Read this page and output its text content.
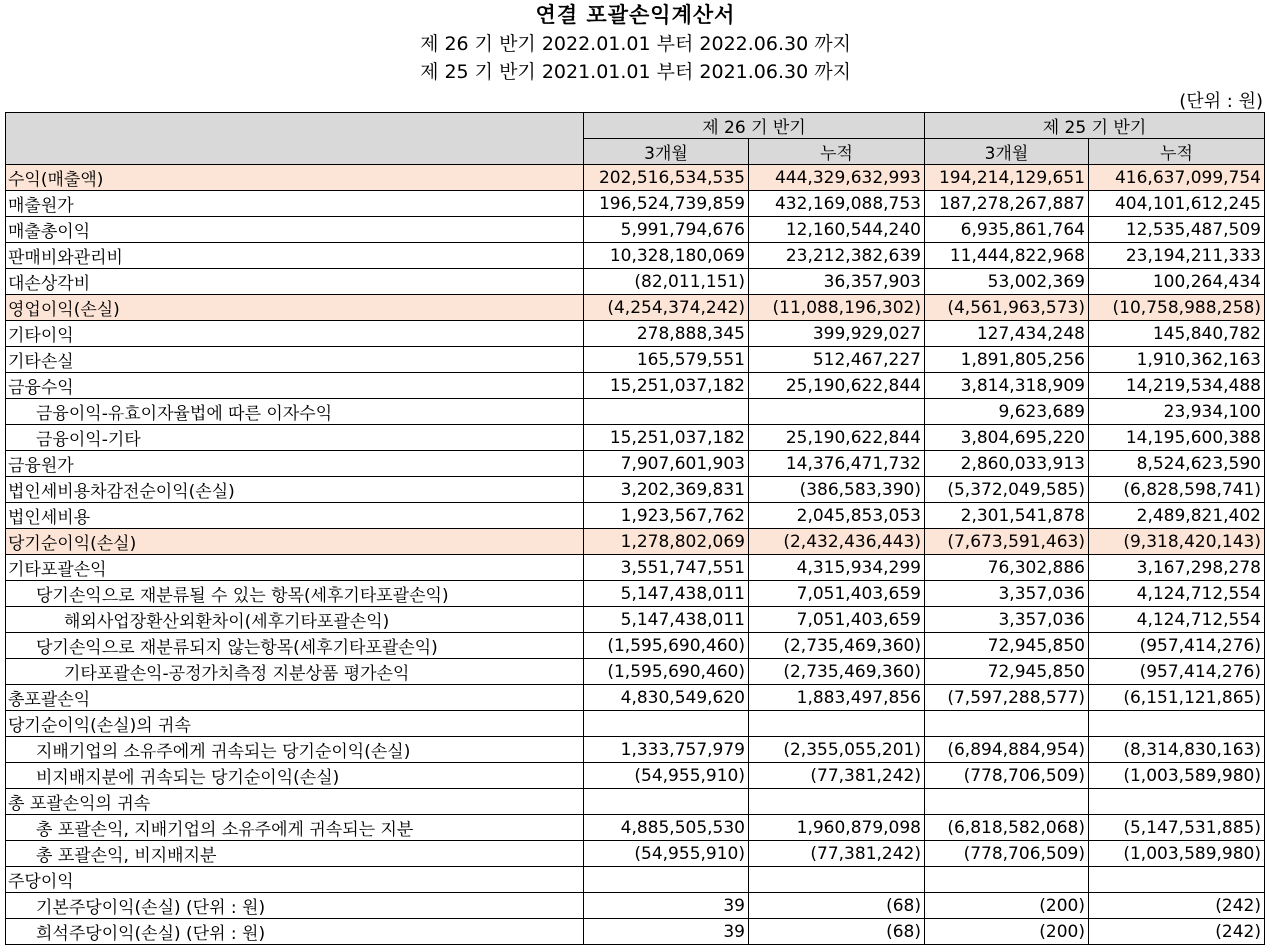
연결 포괄손익계산서
제 26 기 반기 2022.01.01 부터 2022.06.30 까지
제 25 기 반기 2021.01.01 부터 2021.06.30 까지
(단위 : 원)
	제 26 기 반기		제 25 기 반기	
	3개월	누적	3개월	누적
수익(매출액)	202,516,534,535	444,329,632,993	194,214,129,651	416,637,099,754
매출원가	196,524,739,859	432,169,088,753	187,278,267,887	404,101,612,245
매출총이익	5,991,794,676	12,160,544,240	6,935,861,764	12,535,487,509
판매비와관리비	10,328,180,069	23,212,382,639	11,444,822,968	23,194,211,333
대손상각비	(82,011,151)	36,357,903	53,002,369	100,264,434
영업이익(손실)	(4,254,374,242)	(11,088,196,302)	(4,561,963,573)	(10,758,988,258)
기타이익	278,888,345	399,929,027	127,434,248	145,840,782
기타손실	165,579,551	512,467,227	1,891,805,256	1,910,362,163
금융수익	15,251,037,182	25,190,622,844	3,814,318,909	14,219,534,488
금융이익-유효이자율법에 따른 이자수익			9,623,689	23,934,100
금융이익-기타	15,251,037,182	25,190,622,844	3,804,695,220	14,195,600,388
금융원가	7,907,601,903	14,376,471,732	2,860,033,913	8,524,623,590
법인세비용차감전순이익(손실)	3,202,369,831	(386,583,390)	(5,372,049,585)	(6,828,598,741)
법인세비용	1,923,567,762	2,045,853,053	2,301,541,878	2,489,821,402
당기순이익(손실)	1,278,802,069	(2,432,436,443)	(7,673,591,463)	(9,318,420,143)
기타포괄손익	3,551,747,551	4,315,934,299	76,302,886	3,167,298,278
당기손익으로 재분류될 수 있는 항목(세후기타포괄손익)	5,147,438,011	7,051,403,659	3,357,036	4,124,712,554
해외사업장환산외환차이(세후기타포괄손익)	5,147,438,011	7,051,403,659	3,357,036	4,124,712,554
당기손익으로 재분류되지 않는항목(세후기타포괄손익)	(1,595,690,460)	(2,735,469,360)	72,945,850	(957,414,276)
기타포괄손익-공정가치측정 지분상품 평가손익	(1,595,690,460)	(2,735,469,360)	72,945,850	(957,414,276)
총포괄손익	4,830,549,620	1,883,497,856	(7,597,288,577)	(6,151,121,865)
당기순이익(손실)의 귀속				
지배기업의 소유주에게 귀속되는 당기순이익(손실)	1,333,757,979	(2,355,055,201)	(6,894,884,954)	(8,314,830,163)
비지배지분에 귀속되는 당기순이익(손실)	(54,955,910)	(77,381,242)	(778,706,509)	(1,003,589,980)
총 포괄손익의 귀속				
총 포괄손익, 지배기업의 소유주에게 귀속되는 지분	4,885,505,530	1,960,879,098	(6,818,582,068)	(5,147,531,885)
총 포괄손익, 비지배지분	(54,955,910)	(77,381,242)	(778,706,509)	(1,003,589,980)
주당이익				
기본주당이익(손실) (단위 : 원)	39	(68)	(200)	(242)
희석주당이익(손실) (단위 : 원)	39	(68)	(200)	(242)
